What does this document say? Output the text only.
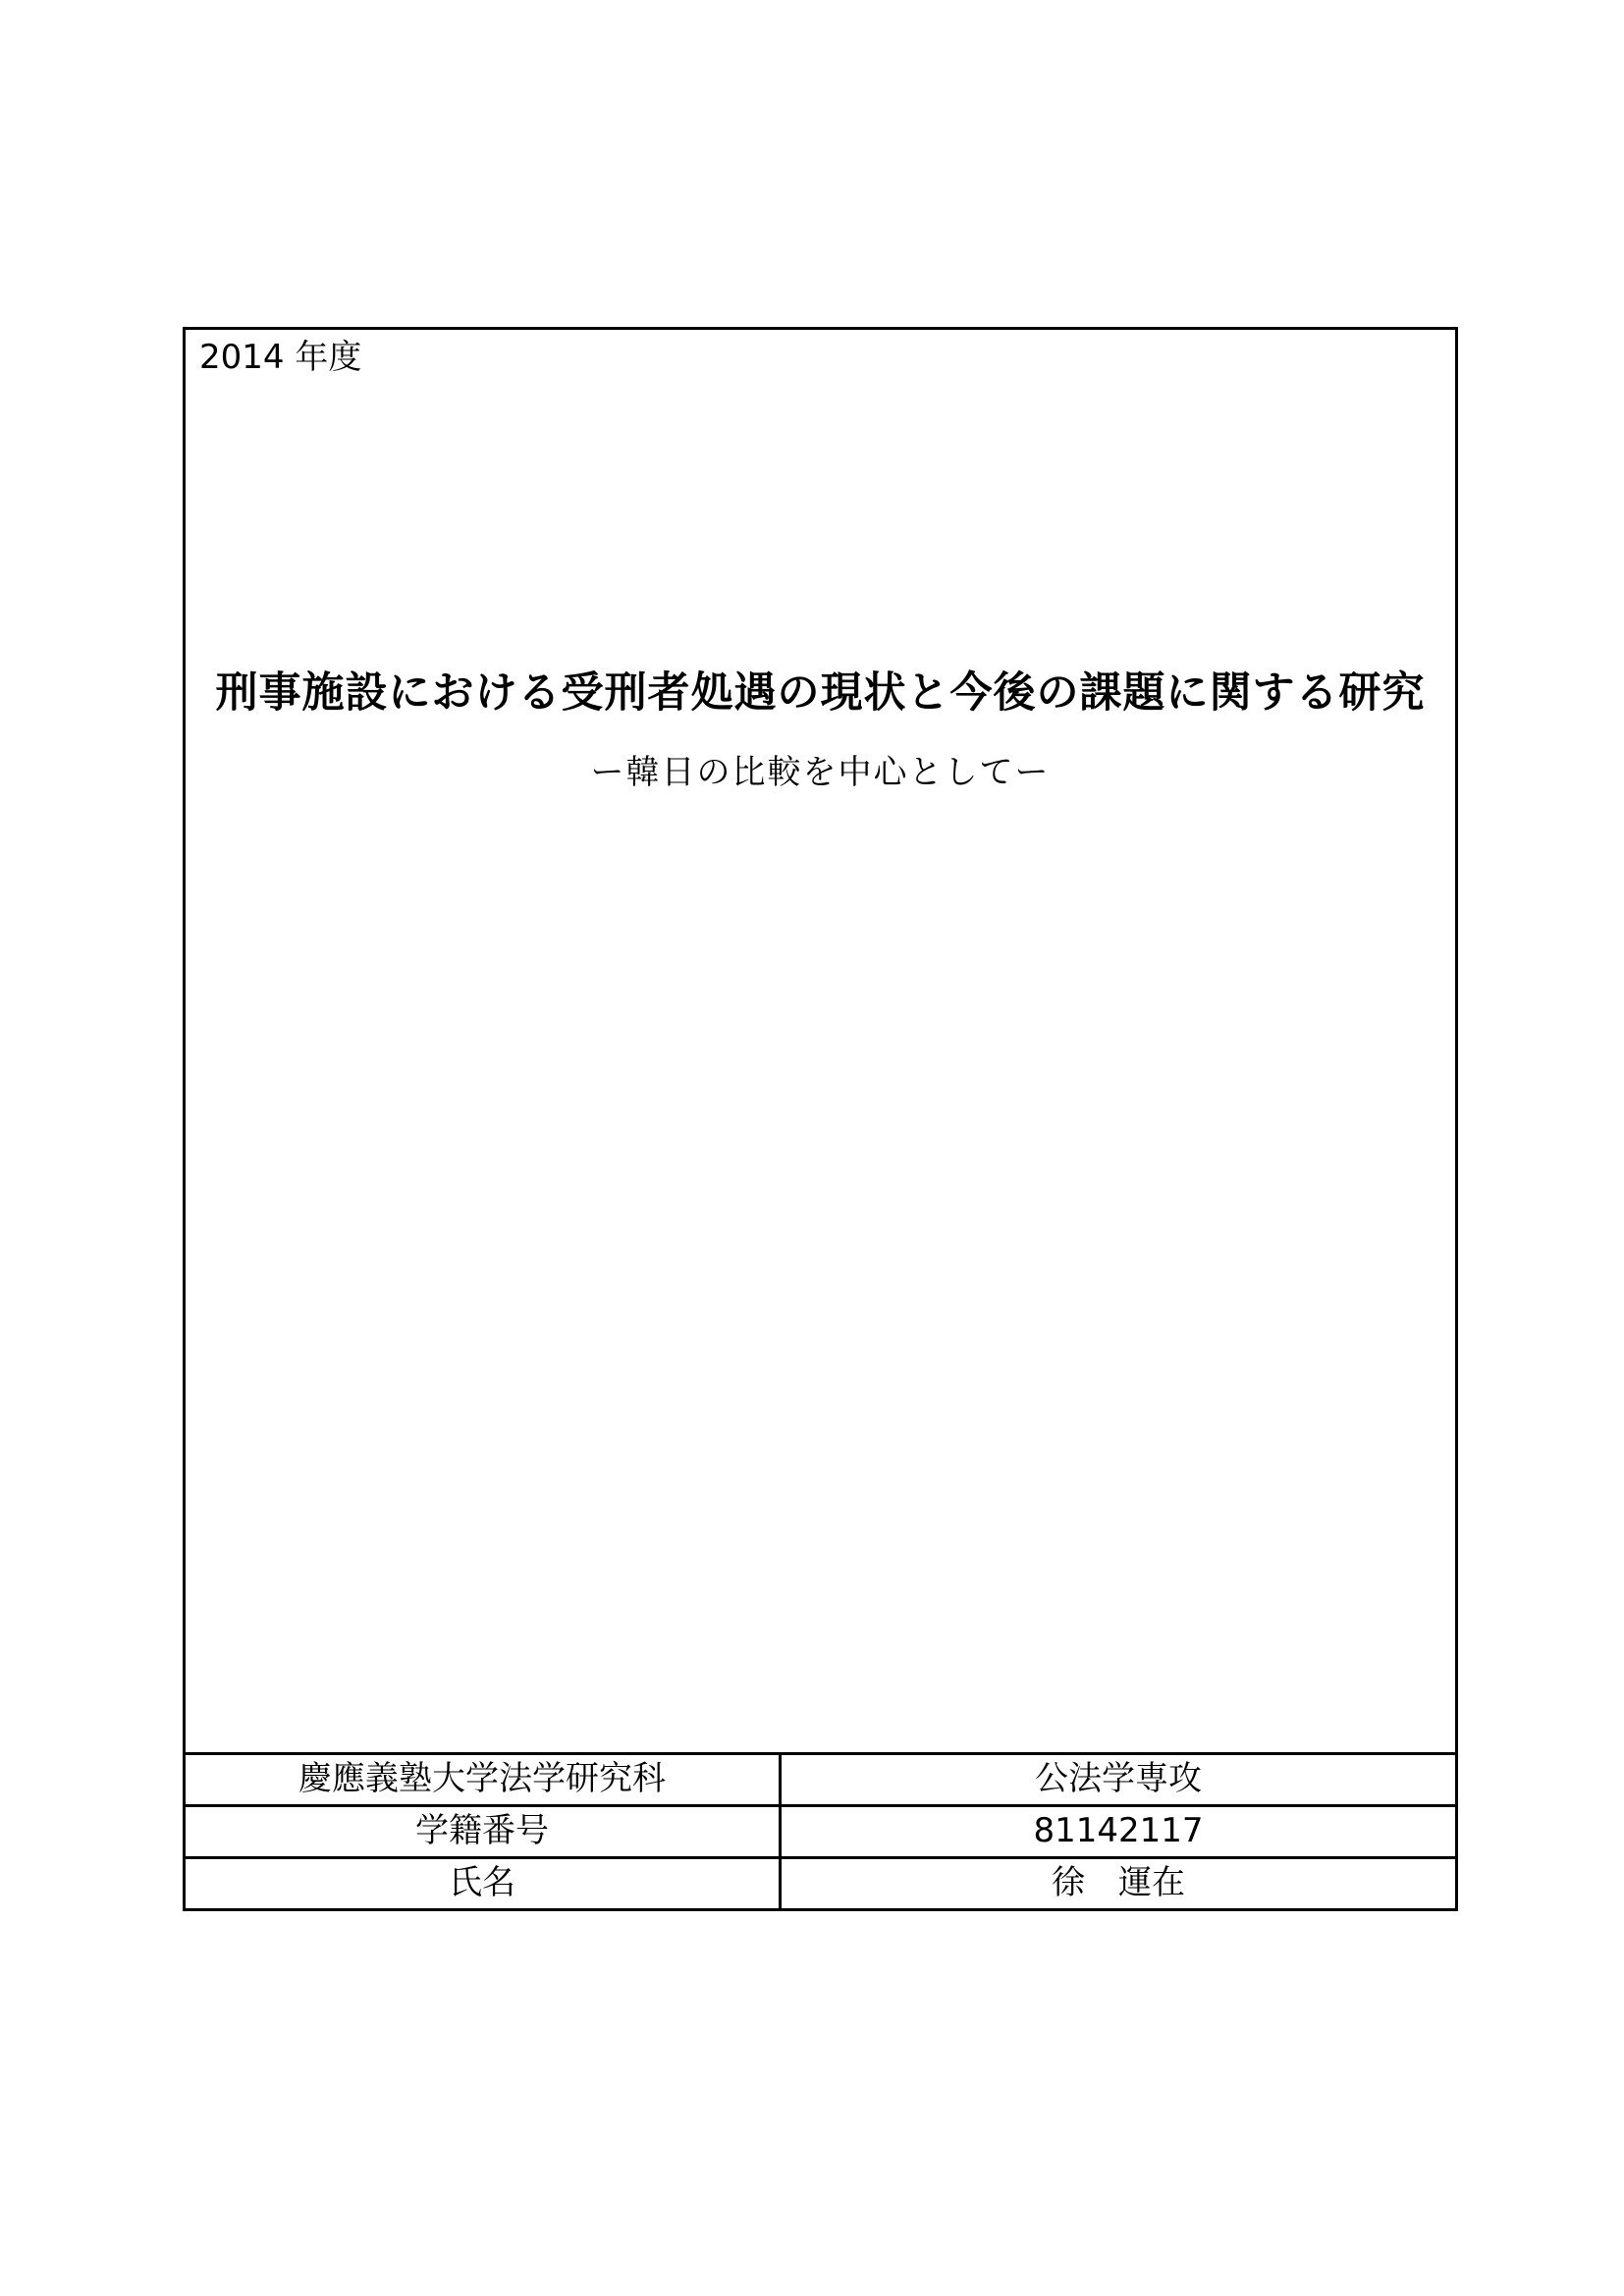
2014 年度
刑事施設における受刑者処遇の現状と今後の課題に関する研究
ー韓日の比較を中心としてー
慶應義塾大学法学研究科	公法学専攻
学籍番号	81142117
氏名	徐　運在
